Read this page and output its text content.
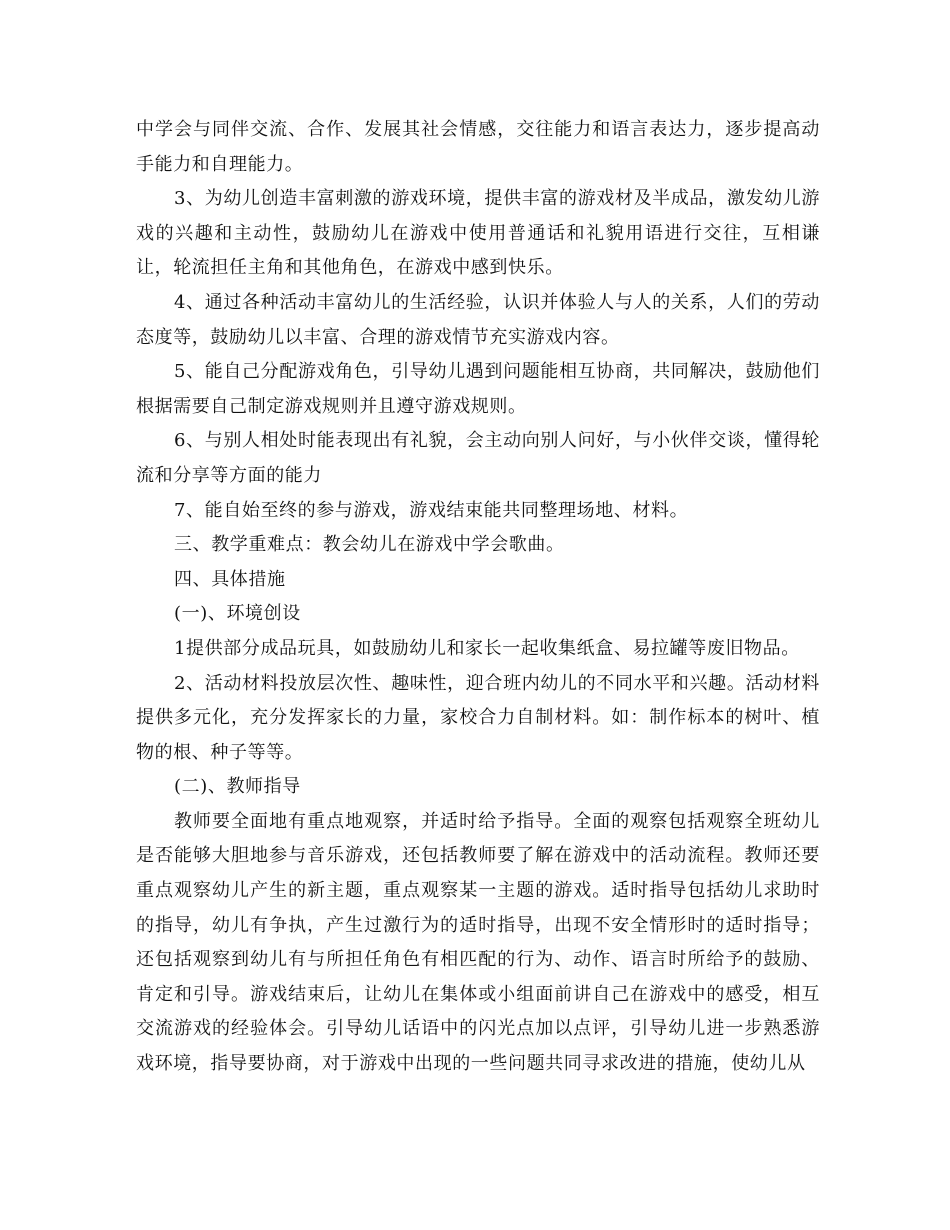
中学会与同伴交流、合作、发展其社会情感，交往能力和语言表达力，逐步提高动手能力和自理能力。

3、为幼儿创造丰富刺激的游戏环境，提供丰富的游戏材及半成品，激发幼儿游戏的兴趣和主动性，鼓励幼儿在游戏中使用普通话和礼貌用语进行交往，互相谦让，轮流担任主角和其他角色，在游戏中感到快乐。

4、通过各种活动丰富幼儿的生活经验，认识并体验人与人的关系，人们的劳动态度等，鼓励幼儿以丰富、合理的游戏情节充实游戏内容。

5、能自己分配游戏角色，引导幼儿遇到问题能相互协商，共同解决，鼓励他们根据需要自己制定游戏规则并且遵守游戏规则。

6、与别人相处时能表现出有礼貌，会主动向别人问好，与小伙伴交谈，懂得轮流和分享等方面的能力

7、能自始至终的参与游戏，游戏结束能共同整理场地、材料。

三、教学重难点：教会幼儿在游戏中学会歌曲。

四、具体措施

(一)、环境创设

1提供部分成品玩具，如鼓励幼儿和家长一起收集纸盒、易拉罐等废旧物品。

2、活动材料投放层次性、趣味性，迎合班内幼儿的不同水平和兴趣。活动材料提供多元化，充分发挥家长的力量，家校合力自制材料。如：制作标本的树叶、植物的根、种子等等。

(二)、教师指导

教师要全面地有重点地观察，并适时给予指导。全面的观察包括观察全班幼儿是否能够大胆地参与音乐游戏，还包括教师要了解在游戏中的活动流程。教师还要重点观察幼儿产生的新主题，重点观察某一主题的游戏。适时指导包括幼儿求助时的指导，幼儿有争执，产生过激行为的适时指导，出现不安全情形时的适时指导；还包括观察到幼儿有与所担任角色有相匹配的行为、动作、语言时所给予的鼓励、肯定和引导。游戏结束后，让幼儿在集体或小组面前讲自己在游戏中的感受，相互交流游戏的经验体会。引导幼儿话语中的闪光点加以点评，引导幼儿进一步熟悉游戏环境，指导要协商，对于游戏中出现的一些问题共同寻求改进的措施，使幼儿从
